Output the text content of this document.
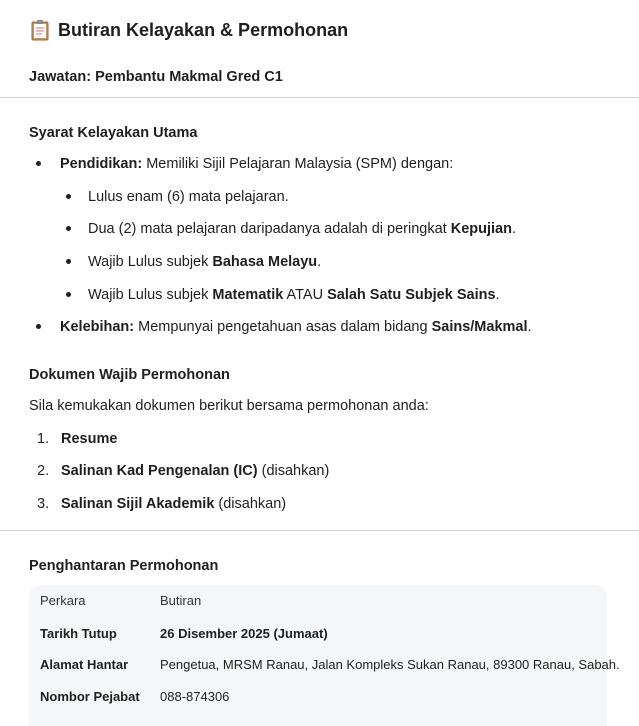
Butiran Kelayakan & Permohonan
Jawatan: Pembantu Makmal Gred C1
Syarat Kelayakan Utama
Pendidikan: Memiliki Sijil Pelajaran Malaysia (SPM) dengan:
Lulus enam (6) mata pelajaran.
Dua (2) mata pelajaran daripadanya adalah di peringkat Kepujian.
Wajib Lulus subjek Bahasa Melayu.
Wajib Lulus subjek Matematik ATAU Salah Satu Subjek Sains.
Kelebihan: Mempunyai pengetahuan asas dalam bidang Sains/Makmal.
Dokumen Wajib Permohonan
Sila kemukakan dokumen berikut bersama permohonan anda:
1. Resume
2. Salinan Kad Pengenalan (IC) (disahkan)
3. Salinan Sijil Akademik (disahkan)
Penghantaran Permohonan
Perkara	Butiran
Tarikh Tutup	26 Disember 2025 (Jumaat)
Alamat Hantar Pengetua, MRSM Ranau, Jalan Kompleks Sukan Ranau, 89300 Ranau, Sabah.
Nombor Pejabat 088-874306
